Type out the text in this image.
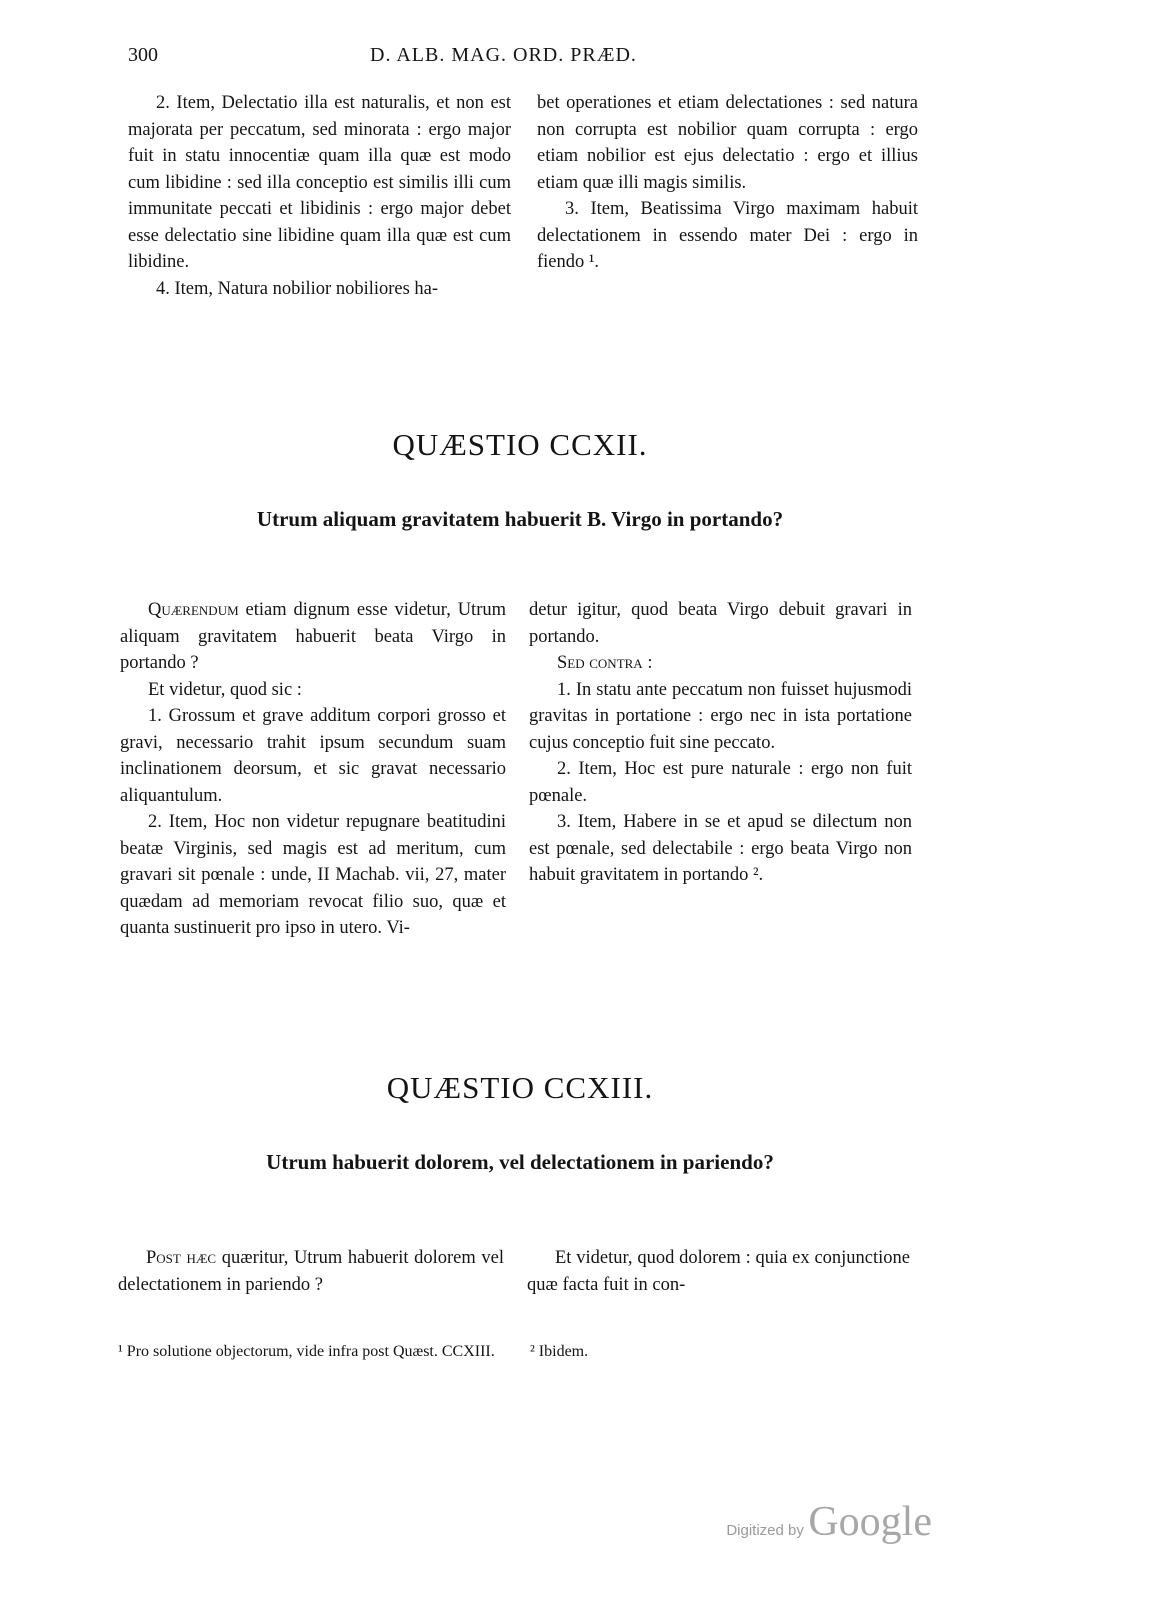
300	D. ALB. MAG. ORD. PRÆD.

2. Item, Delectatio illa est naturalis, et non est majorata per peccatum, sed minorata : ergo major fuit in statu innocentiæ quam illa quæ est modo cum libidine : sed illa conceptio est similis illi cum immunitate peccati et libidinis : ergo major debet esse delectatio sine libidine quam illa quæ est cum libidine.

4. Item, Natura nobilior nobiliores ha-

bet operationes et etiam delectationes : sed natura non corrupta est nobilior quam corrupta : ergo etiam nobilior est ejus delectatio : ergo et illius etiam quæ illi magis similis.

3. Item, Beatissima Virgo maximam habuit delectationem in essendo mater Dei : ergo in fiendo ¹.

QUÆSTIO CCXII.
Utrum aliquam gravitatem habuerit B. Virgo in portando?

Quærendum etiam dignum esse videtur, Utrum aliquam gravitatem habuerit beata Virgo in portando ?

Et videtur, quod sic :

1. Grossum et grave additum corpori grosso et gravi, necessario trahit ipsum secundum suam inclinationem deorsum, et sic gravat necessario aliquantulum.

2. Item, Hoc non videtur repugnare beatitudini beatæ Virginis, sed magis est ad meritum, cum gravari sit pœnale : unde, II Machab. vii, 27, mater quædam ad memoriam revocat filio suo, quæ et quanta sustinuerit pro ipso in utero. Vi-

detur igitur, quod beata Virgo debuit gravari in portando.

Sed contra :

1. In statu ante peccatum non fuisset hujusmodi gravitas in portatione : ergo nec in ista portatione cujus conceptio fuit sine peccato.

2. Item, Hoc est pure naturale : ergo non fuit pœnale.

3. Item, Habere in se et apud se dilectum non est pœnale, sed delectabile : ergo beata Virgo non habuit gravitatem in portando ².

QUÆSTIO CCXIII.
Utrum habuerit dolorem, vel delectationem in pariendo?

Post hæc quæritur, Utrum habuerit dolorem vel delectationem in pariendo ?

Et videtur, quod dolorem : quia ex conjunctione quæ facta fuit in con-

¹ Pro solutione objectorum, vide infra post Quæst. CCXIII.	² Ibidem.
Digitized by Google
